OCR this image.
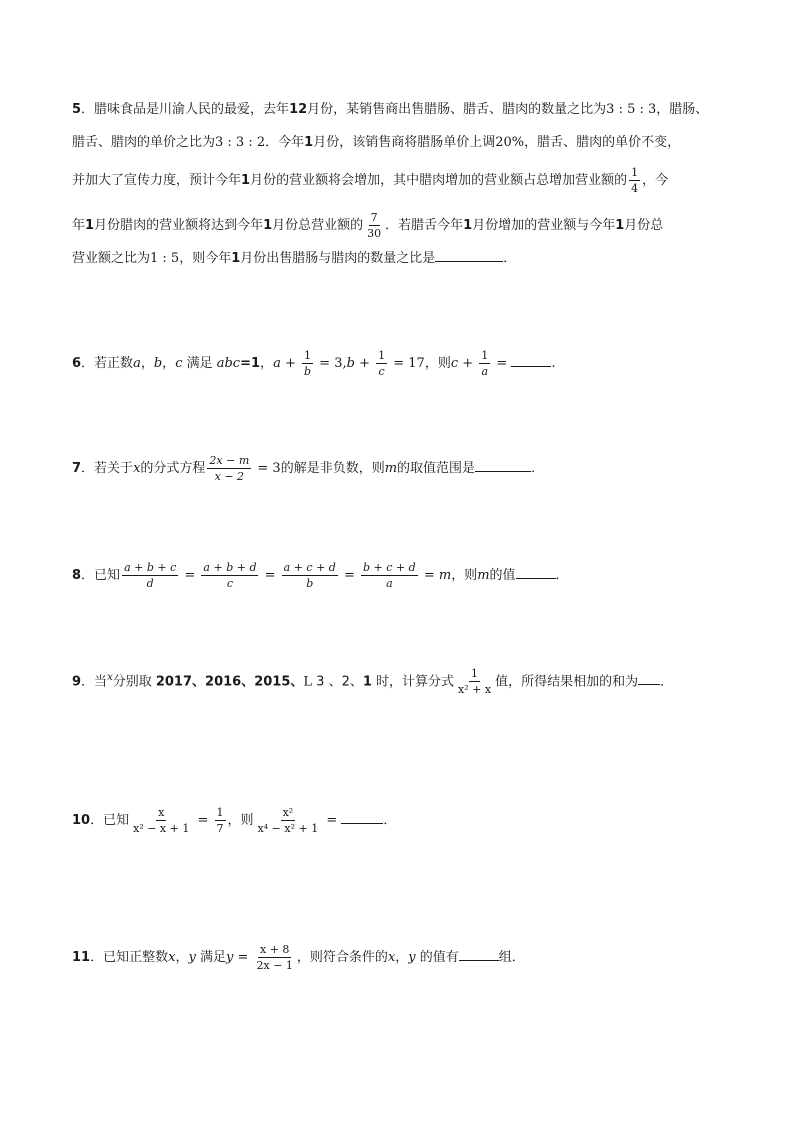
5．腊味食品是川渝人民的最爱，去年12月份，某销售商出售腊肠、腊舌、腊肉的数量之比为3 : 5 : 3，腊肠、
腊舌、腊肉的单价之比为3 : 3 : 2．今年1月份，该销售商将腊肠单价上调20%，腊舌、腊肉的单价不变，
并加大了宣传力度，预计今年1月份的营业额将会增加，其中腊肉增加的营业额占总增加营业额的 $\frac{1}{4}$ ，今
年1月份腊肉的营业额将达到今年1月份总营业额的 $\frac{7}{30}$ ．若腊舌今年1月份增加的营业额与今年1月份总
营业额之比为1 : 5，则今年1月份出售腊肠与腊肉的数量之比是	．
6．若正数a，b，c 满足 abc=1，$a + \frac{1}{b} = 3,b + \frac{1}{c} = 17$，则$c + \frac{1}{a}$ =	.
7．若关于x的分式方程 $\frac{2x - m}{x - 2} = 3$的解是非负数，则m的取值范围是	．
8．已知 $\frac{a + b + c}{d} = \frac{a + b + d}{c} = \frac{a + c + d}{b} = \frac{b + c + d}{a} = m$，则m的值	．
9．当$^x$分别取 2017、2016、2015、L 3 、2、1 时，计算分式 $\frac{1}{\text{x² + x}}$ 值，所得结果相加的和为 ．
10．已知 $\frac{x}{\text{x² − x + 1}} = \frac{1}{7}$ ，则 $\frac{\text{x²}}{\text{x⁴ − x² + 1}}$ =	．
11．已知正整数x，y 满足$y = \frac{x + 8}{2x - 1}$ ，则符合条件的x，y 的值有	组．
